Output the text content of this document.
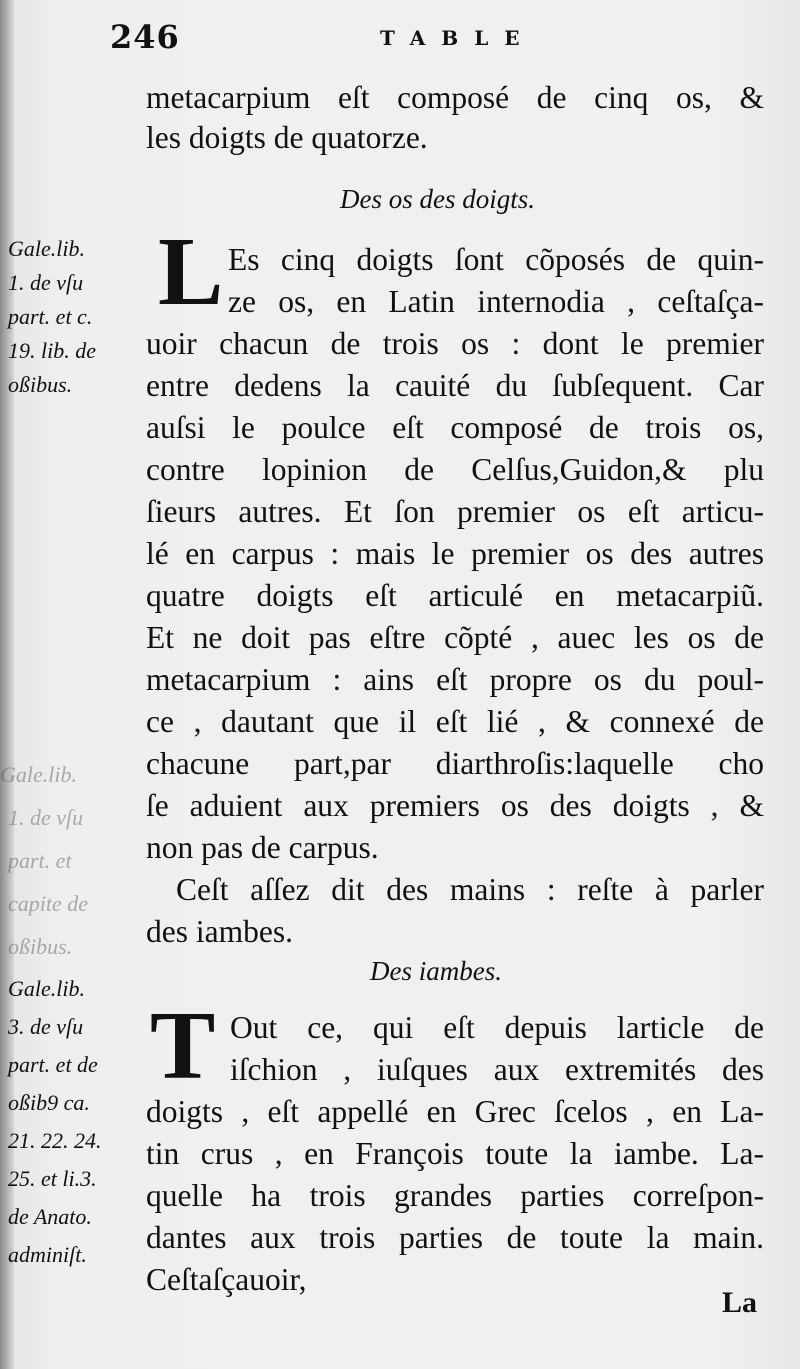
246	TABLE
Gale.lib.
1. de vſu
part. et
capite de
oßibus.
metacarpium eſt composé de cinq os, &
les doigts de quatorze.
Des os des doigts.
L Es cinq doigts ſont cõposés de quin-
ze os, en Latin internodia , ceſtaſça-
uoir chacun de trois os : dont le premier
entre dedens la cauité du ſubſequent. Car
auſsi le poulce eſt composé de trois os,
contre lopinion de Celſus,Guidon,& plu
ſieurs autres. Et ſon premier os eſt articu-
lé en carpus : mais le premier os des autres
quatre doigts eſt articulé en metacarpiũ.
Et ne doit pas eſtre cõpté , auec les os de
metacarpium : ains eſt propre os du poul-
ce , dautant que il eſt lié , & connexé de
chacune part,par diarthroſis:laquelle cho
ſe aduient aux premiers os des doigts , &
non pas de carpus.
Ceſt aſſez dit des mains : reſte à parler
des iambes.
Des iambes.
T Out ce, qui eſt depuis larticle de
iſchion , iuſques aux extremités des
doigts , eſt appellé en Grec ſcelos , en La-
tin crus , en François toute la iambe. La-
quelle ha trois grandes parties correſpon-
dantes aux trois parties de toute la main.
Ceſtaſçauoir,
Gale.lib.
1. de vſu
part. et c.
19. lib. de
oßibus.
Gale.lib.
3. de vſu
part. et de
oßib9 ca.
21. 22. 24.
25. et li.3.
de Anato.
adminiſt.
La
